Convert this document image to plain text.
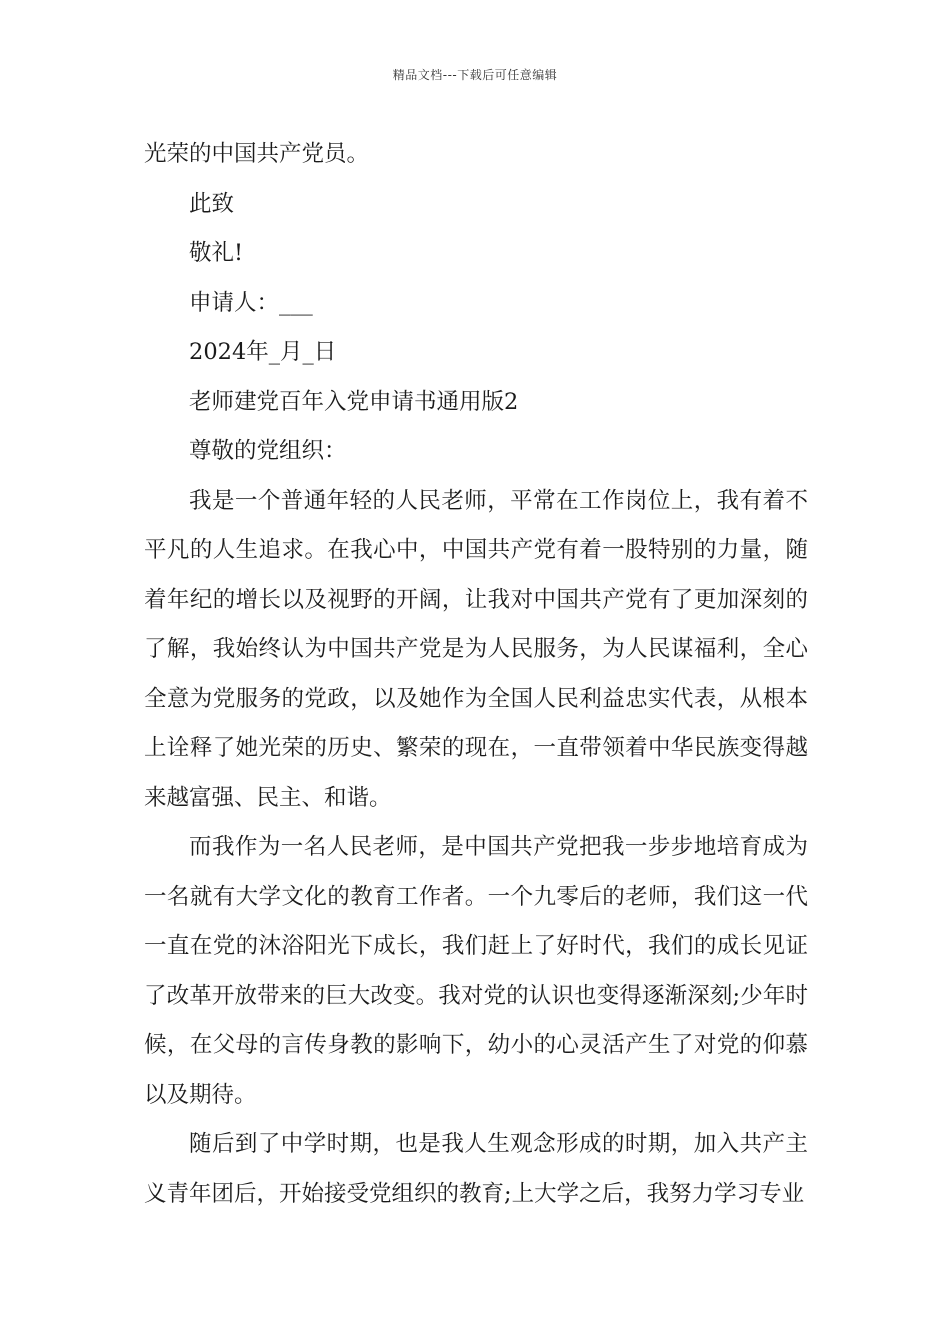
精品文档---下载后可任意编辑
光荣的中国共产党员。
此致
敬礼!
申请人：___
2024年_月_日
老师建党百年入党申请书通用版2
尊敬的党组织：

我是一个普通年轻的人民老师，平常在工作岗位上，我有着不平凡的人生追求。在我心中，中国共产党有着一股特别的力量，随着年纪的增长以及视野的开阔，让我对中国共产党有了更加深刻的了解，我始终认为中国共产党是为人民服务，为人民谋福利，全心全意为党服务的党政，以及她作为全国人民利益忠实代表，从根本上诠释了她光荣的历史、繁荣的现在，一直带领着中华民族变得越来越富强、民主、和谐。

而我作为一名人民老师，是中国共产党把我一步步地培育成为一名就有大学文化的教育工作者。一个九零后的老师，我们这一代一直在党的沐浴阳光下成长，我们赶上了好时代，我们的成长见证了改革开放带来的巨大改变。我对党的认识也变得逐渐深刻;少年时候，在父母的言传身教的影响下，幼小的心灵活产生了对党的仰慕以及期待。

随后到了中学时期，也是我人生观念形成的时期，加入共产主义青年团后，开始接受党组织的教育;上大学之后，我努力学习专业
